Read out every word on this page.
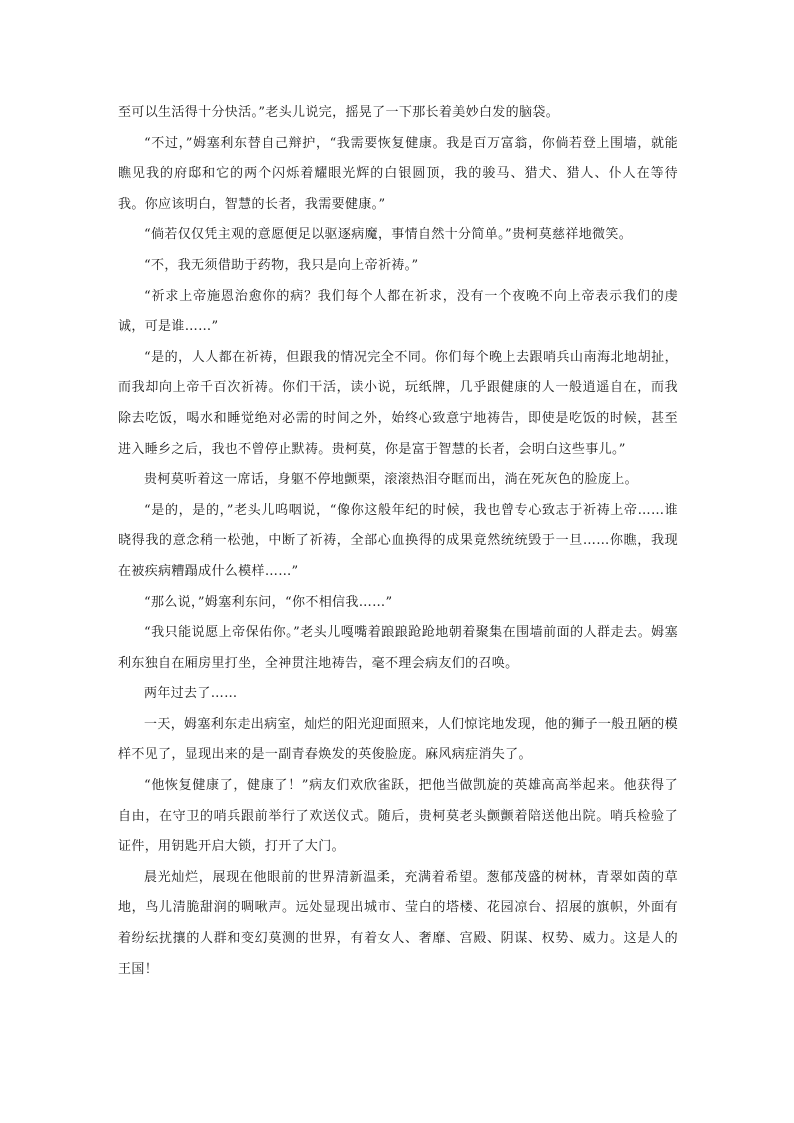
至可以生活得十分快活。”老头儿说完，摇晃了一下那长着美妙白发的脑袋。

“不过，”姆塞利东替自己辩护，“我需要恢复健康。我是百万富翁，你倘若登上围墙，就能瞧见我的府邸和它的两个闪烁着耀眼光辉的白银圆顶，我的骏马、猎犬、猎人、仆人在等待我。你应该明白，智慧的长者，我需要健康。”

“倘若仅仅凭主观的意愿便足以驱逐病魔，事情自然十分简单。”贵柯莫慈祥地微笑。

“不，我无须借助于药物，我只是向上帝祈祷。”

“祈求上帝施恩治愈你的病？我们每个人都在祈求，没有一个夜晚不向上帝表示我们的虔诚，可是谁……”

“是的，人人都在祈祷，但跟我的情况完全不同。你们每个晚上去跟哨兵山南海北地胡扯，而我却向上帝千百次祈祷。你们干活，读小说，玩纸牌，几乎跟健康的人一般逍遥自在，而我除去吃饭，喝水和睡觉绝对必需的时间之外，始终心致意宁地祷告，即使是吃饭的时候，甚至进入睡乡之后，我也不曾停止默祷。贵柯莫，你是富于智慧的长者，会明白这些事儿。”

贵柯莫听着这一席话，身躯不停地颤栗，滚滚热泪夺眶而出，淌在死灰色的脸庞上。

“是的，是的，”老头儿呜咽说，“像你这般年纪的时候，我也曾专心致志于祈祷上帝……谁晓得我的意念稍一松弛，中断了祈祷，全部心血换得的成果竟然统统毁于一旦……你瞧，我现在被疾病糟蹋成什么模样……”

“那么说，”姆塞利东问，“你不相信我……”

“我只能说愿上帝保佑你。”老头儿嘎嘴着踉踉跄跄地朝着聚集在围墙前面的人群走去。姆塞利东独自在厢房里打坐，全神贯注地祷告，毫不理会病友们的召唤。

两年过去了……

一天，姆塞利东走出病室，灿烂的阳光迎面照来，人们惊诧地发现，他的狮子一般丑陋的模样不见了，显现出来的是一副青春焕发的英俊脸庞。麻风病症消失了。

“他恢复健康了，健康了！”病友们欢欣雀跃，把他当做凯旋的英雄高高举起来。他获得了自由，在守卫的哨兵跟前举行了欢送仪式。随后，贵柯莫老头颤颤着陪送他出院。哨兵检验了证件，用钥匙开启大锁，打开了大门。

晨光灿烂，展现在他眼前的世界清新温柔，充满着希望。葱郁茂盛的树林，青翠如茵的草地，鸟儿清脆甜润的啁啾声。远处显现出城市、莹白的塔楼、花园凉台、招展的旗帜，外面有着纷纭扰攘的人群和变幻莫测的世界，有着女人、奢靡、宫殿、阴谋、权势、威力。这是人的王国！
